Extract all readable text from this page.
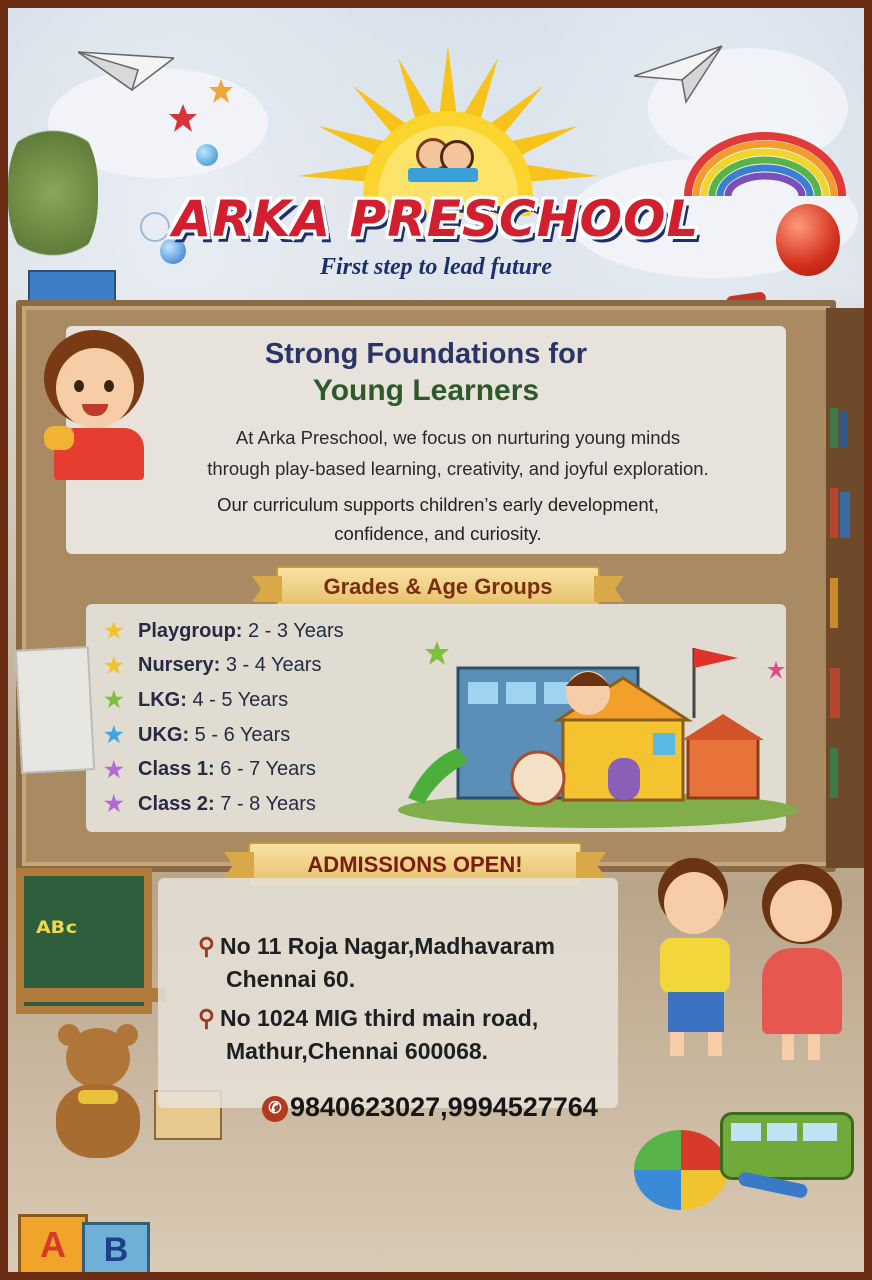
ARKA PRESCHOOL
First step to lead future
Strong Foundations for
Young Learners
At Arka Preschool, we focus on nurturing young minds
through play-based learning, creativity, and joyful exploration.
Our curriculum supports children’s early development,
confidence, and curiosity.
Grades & Age Groups
★ Playgroup:
2 - 3 Years
★ Nursery:
3 - 4 Years
★ LKG:
4 - 5 Years
★ UKG:
5 - 6 Years
★ Class 1:
6 - 7 Years
★ Class 2:
7 - 8 Years
ADMISSIONS OPEN!
ᴬᴮᶜ
A	B
⚲ No 11 Roja Nagar,Madhavaram
Chennai 60.
⚲ No 1024 MIG third main road,
Mathur,Chennai 600068.
✆ 9840623027,9994527764
